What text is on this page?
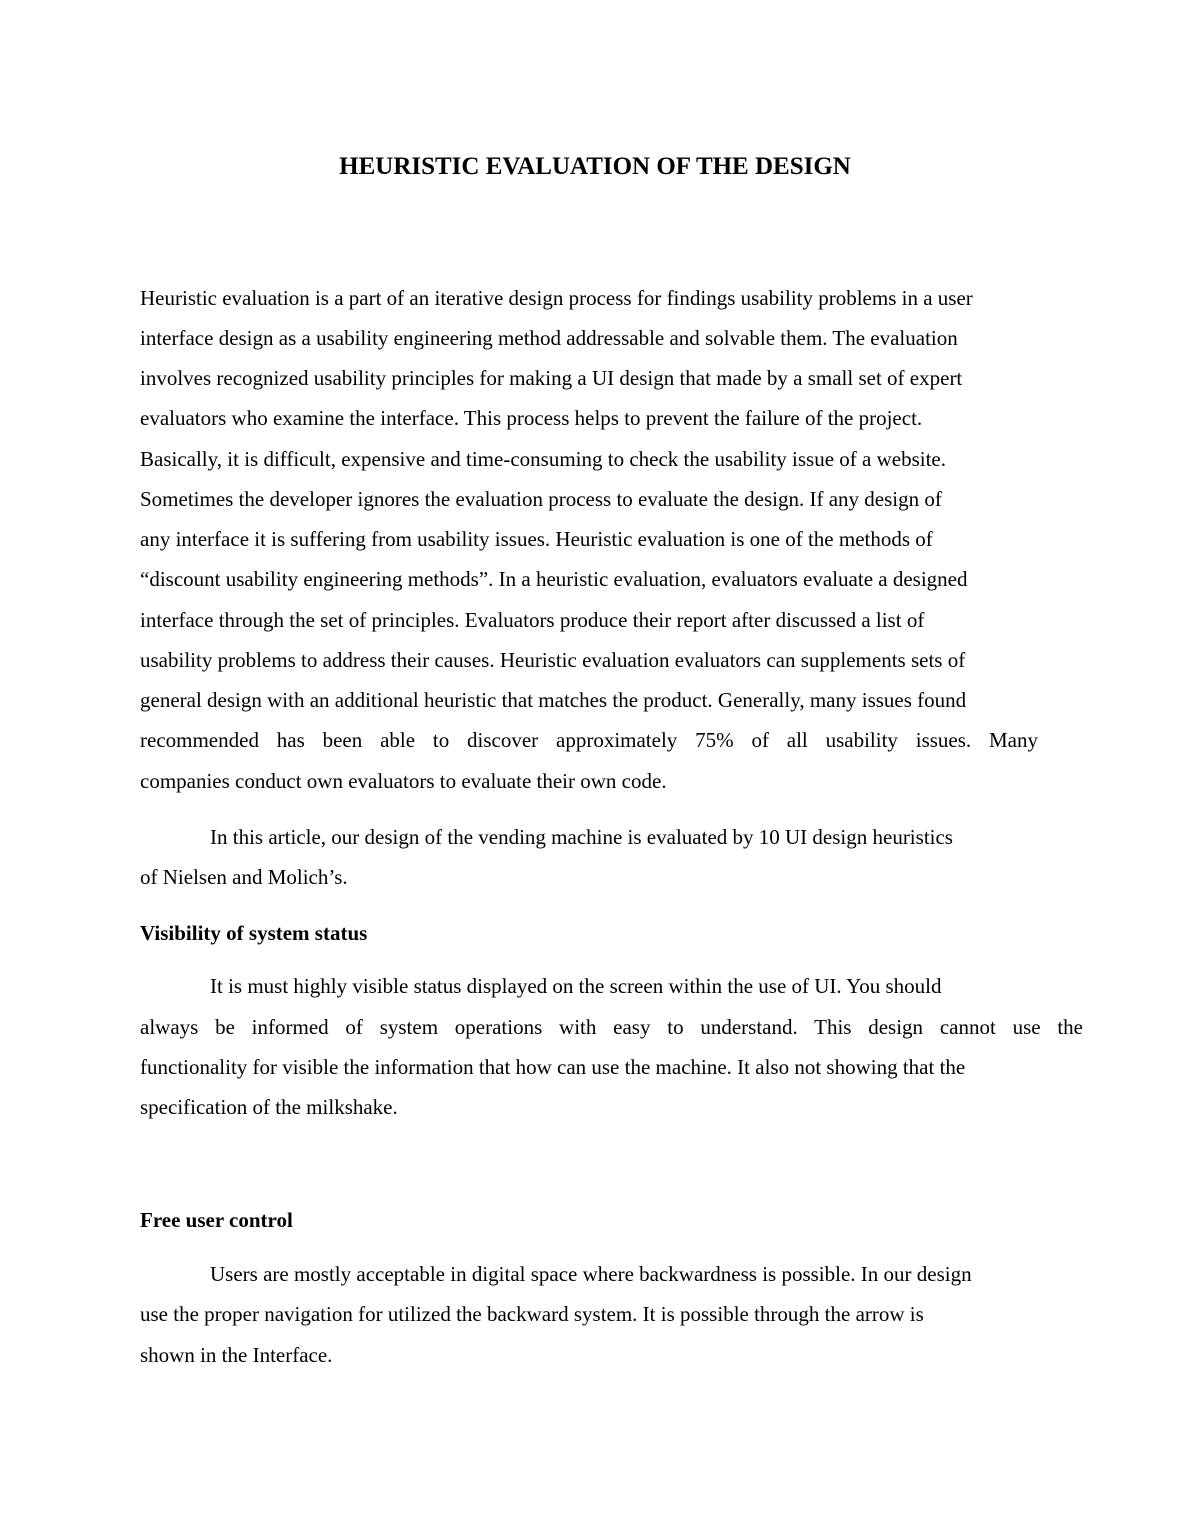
HEURISTIC EVALUATION OF THE DESIGN

Heuristic evaluation is a part of an iterative design process for findings usability problems in a user

interface design as a usability engineering method addressable and solvable them. The evaluation

involves recognized usability principles for making a UI design that made by a small set of expert

evaluators who examine the interface. This process helps to prevent the failure of the project.

Basically, it is difficult, expensive and time-consuming to check the usability issue of a website.

Sometimes the developer ignores the evaluation process to evaluate the design. If any design of

any interface it is suffering from usability issues. Heuristic evaluation is one of the methods of

“discount usability engineering methods”. In a heuristic evaluation, evaluators evaluate a designed

interface through the set of principles. Evaluators produce their report after discussed a list of

usability problems to address their causes. Heuristic evaluation evaluators can supplements sets of

general design with an additional heuristic that matches the product. Generally, many issues found

recommended has been able to discover approximately 75% of all usability issues. Many

companies conduct own evaluators to evaluate their own code.

In this article, our design of the vending machine is evaluated by 10 UI design heuristics

of Nielsen and Molich’s.

Visibility of system status

It is must highly visible status displayed on the screen within the use of UI. You should

always be informed of system operations with easy to understand. This design cannot use the

functionality for visible the information that how can use the machine. It also not showing that the

specification of the milkshake.

Free user control

Users are mostly acceptable in digital space where backwardness is possible. In our design

use the proper navigation for utilized the backward system. It is possible through the arrow is

shown in the Interface.
